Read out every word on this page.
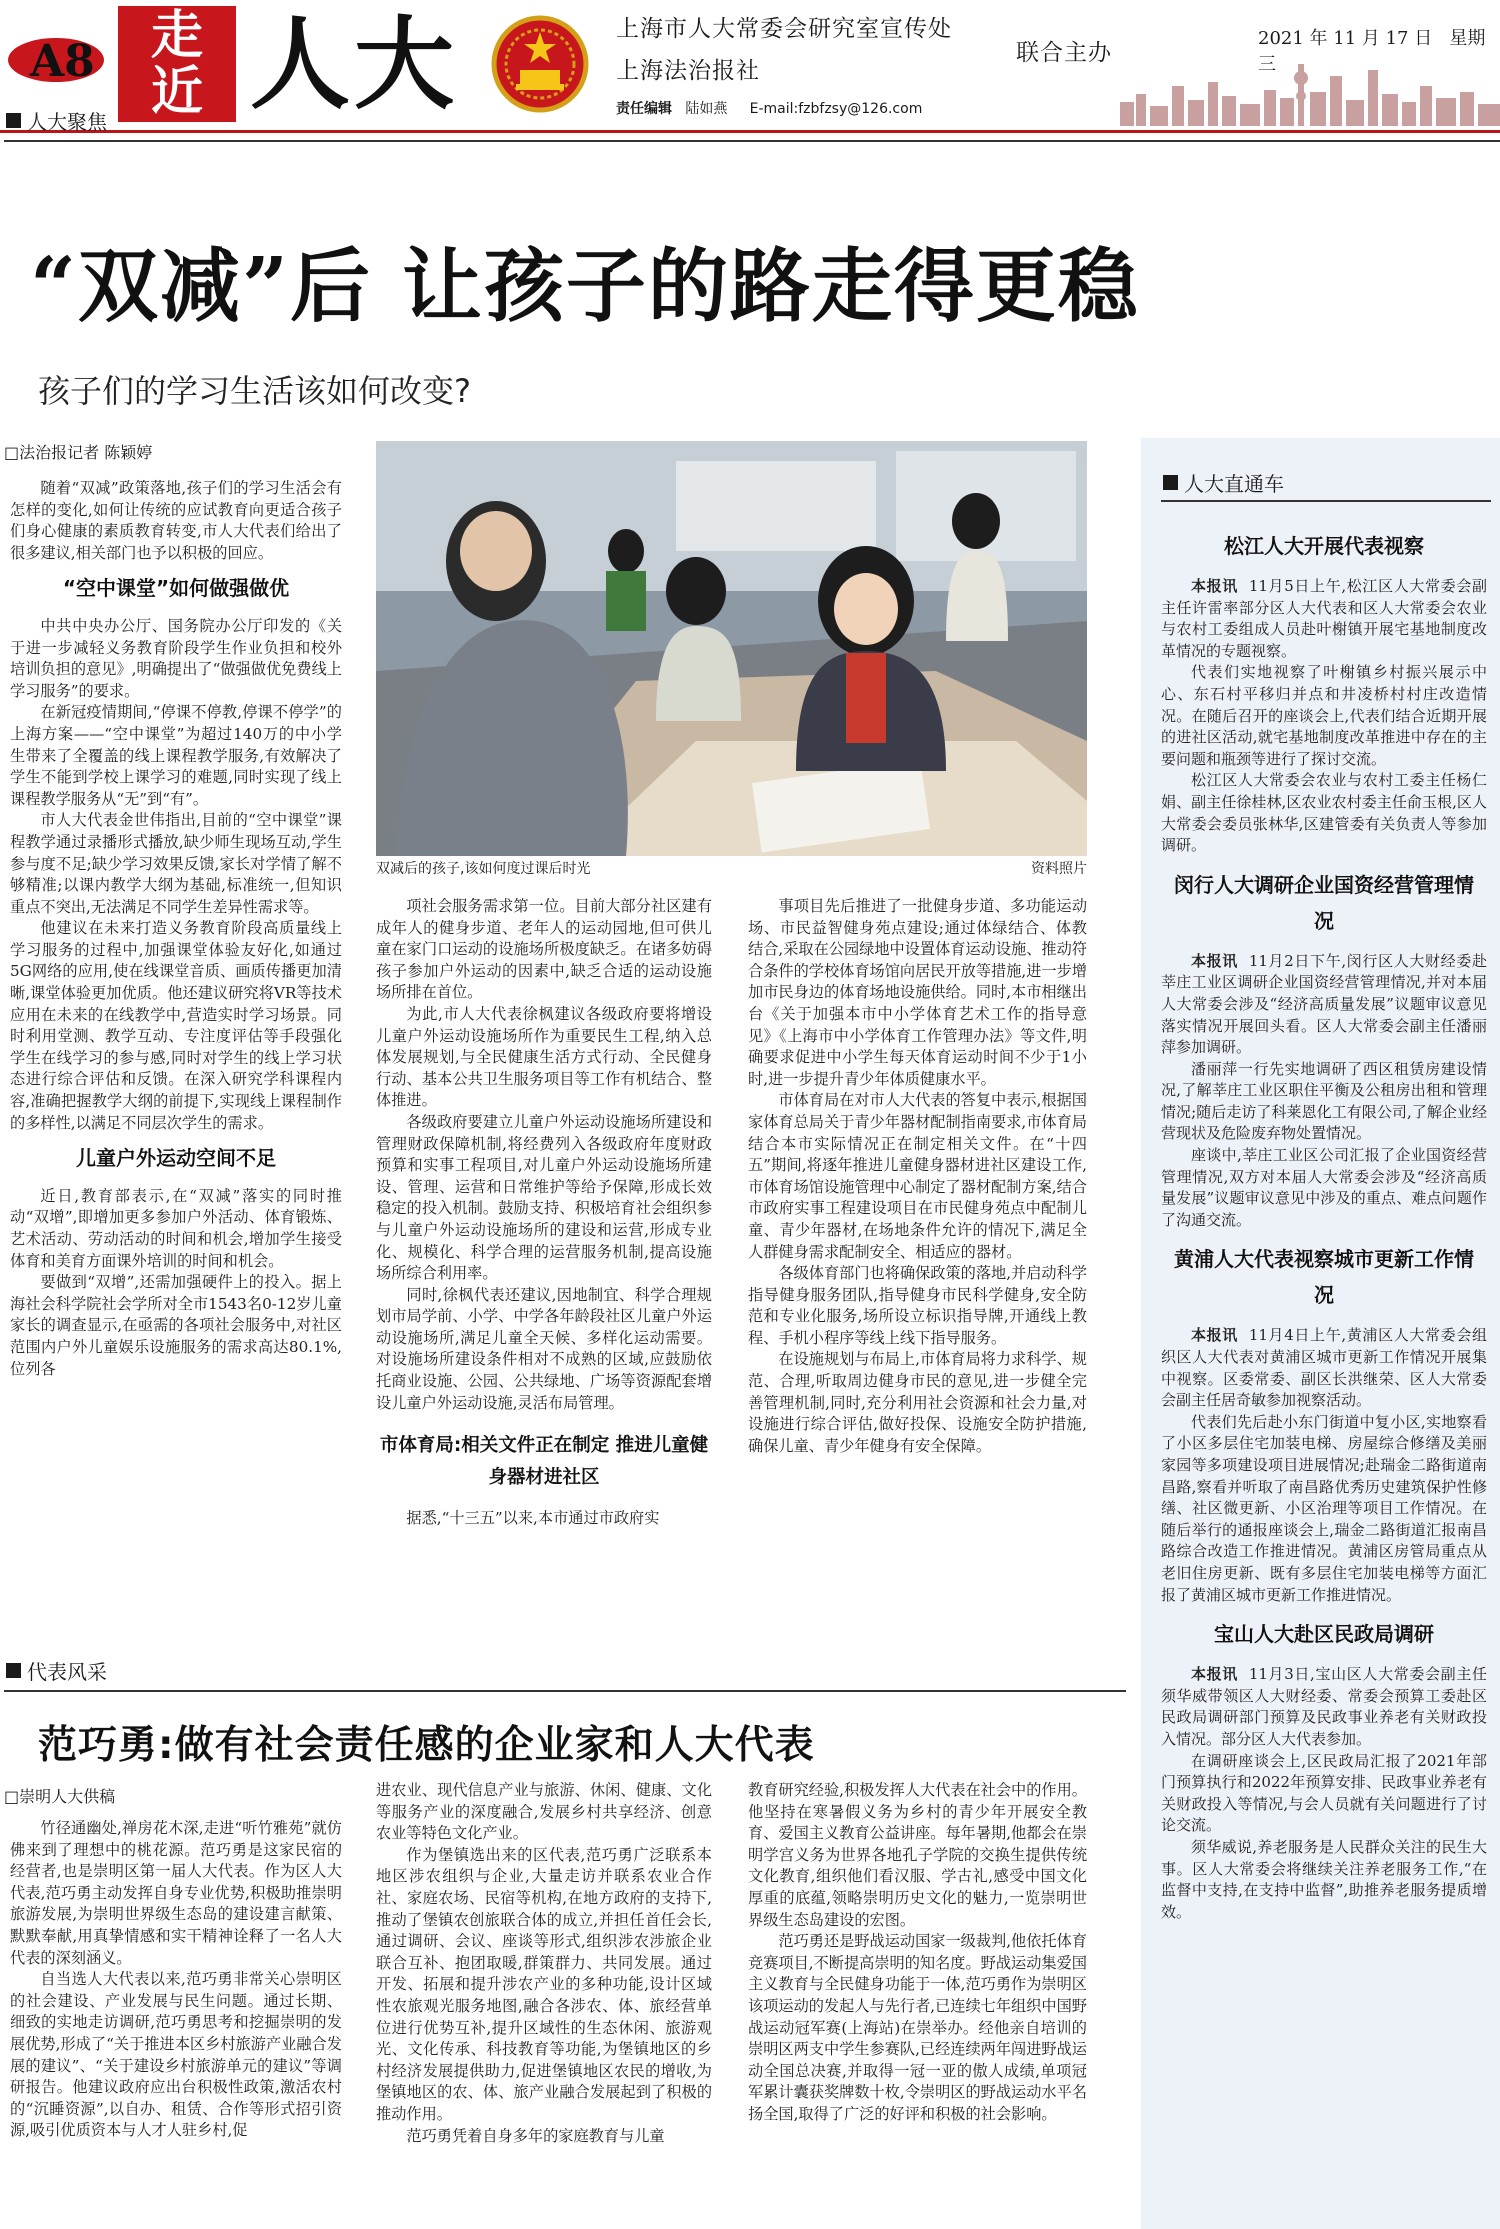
A8	走
近 人大	上海市人大常委会研究室宣传处
上海法治报社
联合主办
责任编辑 陆如燕 E-mail:fzbfzsy@126.com
2021 年 11 月 17 日 星期三
人大聚焦
“双减”后 让孩子的路走得更稳
孩子们的学习生活该如何改变?
□法治报记者 陈颖婷

随着“双减”政策落地,孩子们的学习生活会有怎样的变化,如何让传统的应试教育向更适合孩子们身心健康的素质教育转变,市人大代表们给出了很多建议,相关部门也予以积极的回应。

“空中课堂”如何做强做优

中共中央办公厅、国务院办公厅印发的《关于进一步减轻义务教育阶段学生作业负担和校外培训负担的意见》,明确提出了“做强做优免费线上学习服务”的要求。

在新冠疫情期间,“停课不停教,停课不停学”的上海方案——“空中课堂”为超过140万的中小学生带来了全覆盖的线上课程教学服务,有效解决了学生不能到学校上课学习的难题,同时实现了线上课程教学服务从“无”到“有”。

市人大代表金世伟指出,目前的“空中课堂”课程教学通过录播形式播放,缺少师生现场互动,学生参与度不足;缺少学习效果反馈,家长对学情了解不够精准;以课内教学大纲为基础,标准统一,但知识重点不突出,无法满足不同学生差异性需求等。

他建议在未来打造义务教育阶段高质量线上学习服务的过程中,加强课堂体验友好化,如通过5G网络的应用,使在线课堂音质、画质传播更加清晰,课堂体验更加优质。他还建议研究将VR等技术应用在未来的在线教学中,营造实时学习场景。同时利用堂测、教学互动、专注度评估等手段强化学生在线学习的参与感,同时对学生的线上学习状态进行综合评估和反馈。在深入研究学科课程内容,准确把握教学大纲的前提下,实现线上课程制作的多样性,以满足不同层次学生的需求。

儿童户外运动空间不足

近日,教育部表示,在“双减”落实的同时推动“双增”,即增加更多参加户外活动、体育锻炼、艺术活动、劳动活动的时间和机会,增加学生接受体育和美育方面课外培训的时间和机会。

要做到“双增”,还需加强硬件上的投入。据上海社会科学院社会学所对全市1543名0-12岁儿童家长的调查显示,在亟需的各项社会服务中,对社区范围内户外儿童娱乐设施服务的需求高达80.1%,位列各

双减后的孩子,该如何度过课后时光	资料照片

项社会服务需求第一位。目前大部分社区建有成年人的健身步道、老年人的运动园地,但可供儿童在家门口运动的设施场所极度缺乏。在诸多妨碍孩子参加户外运动的因素中,缺乏合适的运动设施场所排在首位。

为此,市人大代表徐枫建议各级政府要将增设儿童户外运动设施场所作为重要民生工程,纳入总体发展规划,与全民健康生活方式行动、全民健身行动、基本公共卫生服务项目等工作有机结合、整体推进。

各级政府要建立儿童户外运动设施场所建设和管理财政保障机制,将经费列入各级政府年度财政预算和实事工程项目,对儿童户外运动设施场所建设、管理、运营和日常维护等给予保障,形成长效稳定的投入机制。鼓励支持、积极培育社会组织参与儿童户外运动设施场所的建设和运营,形成专业化、规模化、科学合理的运营服务机制,提高设施场所综合利用率。

同时,徐枫代表还建议,因地制宜、科学合理规划市局学前、小学、中学各年龄段社区儿童户外运动设施场所,满足儿童全天候、多样化运动需要。对设施场所建设条件相对不成熟的区域,应鼓励依托商业设施、公园、公共绿地、广场等资源配套增设儿童户外运动设施,灵活布局管理。

市体育局:相关文件正在制定 推进儿童健身器材进社区

据悉,“十三五”以来,本市通过市政府实

事项目先后推进了一批健身步道、多功能运动场、市民益智健身苑点建设;通过体绿结合、体教结合,采取在公园绿地中设置体育运动设施、推动符合条件的学校体育场馆向居民开放等措施,进一步增加市民身边的体育场地设施供给。同时,本市相继出台《关于加强本市中小学体育艺术工作的指导意见》《上海市中小学体育工作管理办法》等文件,明确要求促进中小学生每天体育运动时间不少于1小时,进一步提升青少年体质健康水平。

市体育局在对市人大代表的答复中表示,根据国家体育总局关于青少年器材配制指南要求,市体育局结合本市实际情况正在制定相关文件。在“十四五”期间,将逐年推进儿童健身器材进社区建设工作,市体育场馆设施管理中心制定了器材配制方案,结合市政府实事工程建设项目在市民健身苑点中配制儿童、青少年器材,在场地条件允许的情况下,满足全人群健身需求配制安全、相适应的器材。

各级体育部门也将确保政策的落地,并启动科学指导健身服务团队,指导健身市民科学健身,安全防范和专业化服务,场所设立标识指导牌,开通线上教程、手机小程序等线上线下指导服务。

在设施规划与布局上,市体育局将力求科学、规范、合理,听取周边健身市民的意见,进一步健全完善管理机制,同时,充分利用社会资源和社会力量,对设施进行综合评估,做好投保、设施安全防护措施,确保儿童、青少年健身有安全保障。

人大直通车
松江人大开展代表视察

本报讯 11月5日上午,松江区人大常委会副主任许雷率部分区人大代表和区人大常委会农业与农村工委组成人员赴叶榭镇开展宅基地制度改革情况的专题视察。

代表们实地视察了叶榭镇乡村振兴展示中心、东石村平移归并点和井凌桥村村庄改造情况。在随后召开的座谈会上,代表们结合近期开展的进社区活动,就宅基地制度改革推进中存在的主要问题和瓶颈等进行了探讨交流。

松江区人大常委会农业与农村工委主任杨仁娟、副主任徐桂林,区农业农村委主任俞玉根,区人大常委会委员张林华,区建管委有关负责人等参加调研。

闵行人大调研企业国资经营管理情况

本报讯 11月2日下午,闵行区人大财经委赴莘庄工业区调研企业国资经营管理情况,并对本届人大常委会涉及“经济高质量发展”议题审议意见落实情况开展回头看。区人大常委会副主任潘丽萍参加调研。

潘丽萍一行先实地调研了西区租赁房建设情况,了解莘庄工业区职住平衡及公租房出租和管理情况;随后走访了科莱恩化工有限公司,了解企业经营现状及危险废弃物处置情况。

座谈中,莘庄工业区公司汇报了企业国资经营管理情况,双方对本届人大常委会涉及“经济高质量发展”议题审议意见中涉及的重点、难点问题作了沟通交流。

黄浦人大代表视察城市更新工作情况

本报讯 11月4日上午,黄浦区人大常委会组织区人大代表对黄浦区城市更新工作情况开展集中视察。区委常委、副区长洪继荣、区人大常委会副主任居奇敏参加视察活动。

代表们先后赴小东门街道中复小区,实地察看了小区多层住宅加装电梯、房屋综合修缮及美丽家园等多项建设项目进展情况;赴瑞金二路街道南昌路,察看并听取了南昌路优秀历史建筑保护性修缮、社区微更新、小区治理等项目工作情况。在随后举行的通报座谈会上,瑞金二路街道汇报南昌路综合改造工作推进情况。黄浦区房管局重点从老旧住房更新、既有多层住宅加装电梯等方面汇报了黄浦区城市更新工作推进情况。

宝山人大赴区民政局调研

本报讯 11月3日,宝山区人大常委会副主任须华威带领区人大财经委、常委会预算工委赴区民政局调研部门预算及民政事业养老有关财政投入情况。部分区人大代表参加。

在调研座谈会上,区民政局汇报了2021年部门预算执行和2022年预算安排、民政事业养老有关财政投入等情况,与会人员就有关问题进行了讨论交流。

须华威说,养老服务是人民群众关注的民生大事。区人大常委会将继续关注养老服务工作,“在监督中支持,在支持中监督”,助推养老服务提质增效。

代表风采
范巧勇:做有社会责任感的企业家和人大代表
□崇明人大供稿

竹径通幽处,禅房花木深,走进“听竹雅苑”就仿佛来到了理想中的桃花源。范巧勇是这家民宿的经营者,也是崇明区第一届人大代表。作为区人大代表,范巧勇主动发挥自身专业优势,积极助推崇明旅游发展,为崇明世界级生态岛的建设建言献策、默默奉献,用真挚情感和实干精神诠释了一名人大代表的深刻涵义。

自当选人大代表以来,范巧勇非常关心崇明区的社会建设、产业发展与民生问题。通过长期、细致的实地走访调研,范巧勇思考和挖掘崇明的发展优势,形成了“关于推进本区乡村旅游产业融合发展的建议”、“关于建设乡村旅游单元的建议”等调研报告。他建议政府应出台积极性政策,激活农村的“沉睡资源”,以自办、租赁、合作等形式招引资源,吸引优质资本与人才人驻乡村,促

进农业、现代信息产业与旅游、休闲、健康、文化等服务产业的深度融合,发展乡村共享经济、创意农业等特色文化产业。

作为堡镇选出来的区代表,范巧勇广泛联系本地区涉农组织与企业,大量走访并联系农业合作社、家庭农场、民宿等机构,在地方政府的支持下,推动了堡镇农创旅联合体的成立,并担任首任会长,通过调研、会议、座谈等形式,组织涉农涉旅企业联合互补、抱团取暖,群策群力、共同发展。通过开发、拓展和提升涉农产业的多种功能,设计区域性农旅观光服务地图,融合各涉农、体、旅经营单位进行优势互补,提升区域性的生态休闲、旅游观光、文化传承、科技教育等功能,为堡镇地区的乡村经济发展提供助力,促进堡镇地区农民的增收,为堡镇地区的农、体、旅产业融合发展起到了积极的推动作用。

范巧勇凭着自身多年的家庭教育与儿童

教育研究经验,积极发挥人大代表在社会中的作用。他坚持在寒暑假义务为乡村的青少年开展安全教育、爱国主义教育公益讲座。每年暑期,他都会在崇明学宫义务为世界各地孔子学院的交换生提供传统文化教育,组织他们看汉服、学古礼,感受中国文化厚重的底蕴,领略崇明历史文化的魅力,一览崇明世界级生态岛建设的宏图。

范巧勇还是野战运动国家一级裁判,他依托体育竞赛项目,不断提高崇明的知名度。野战运动集爱国主义教育与全民健身功能于一体,范巧勇作为崇明区该项运动的发起人与先行者,已连续七年组织中国野战运动冠军赛(上海站)在崇举办。经他亲自培训的崇明区两支中学生参赛队,已经连续两年闯进野战运动全国总决赛,并取得一冠一亚的傲人成绩,单项冠军累计囊获奖牌数十枚,令崇明区的野战运动水平名扬全国,取得了广泛的好评和积极的社会影响。
